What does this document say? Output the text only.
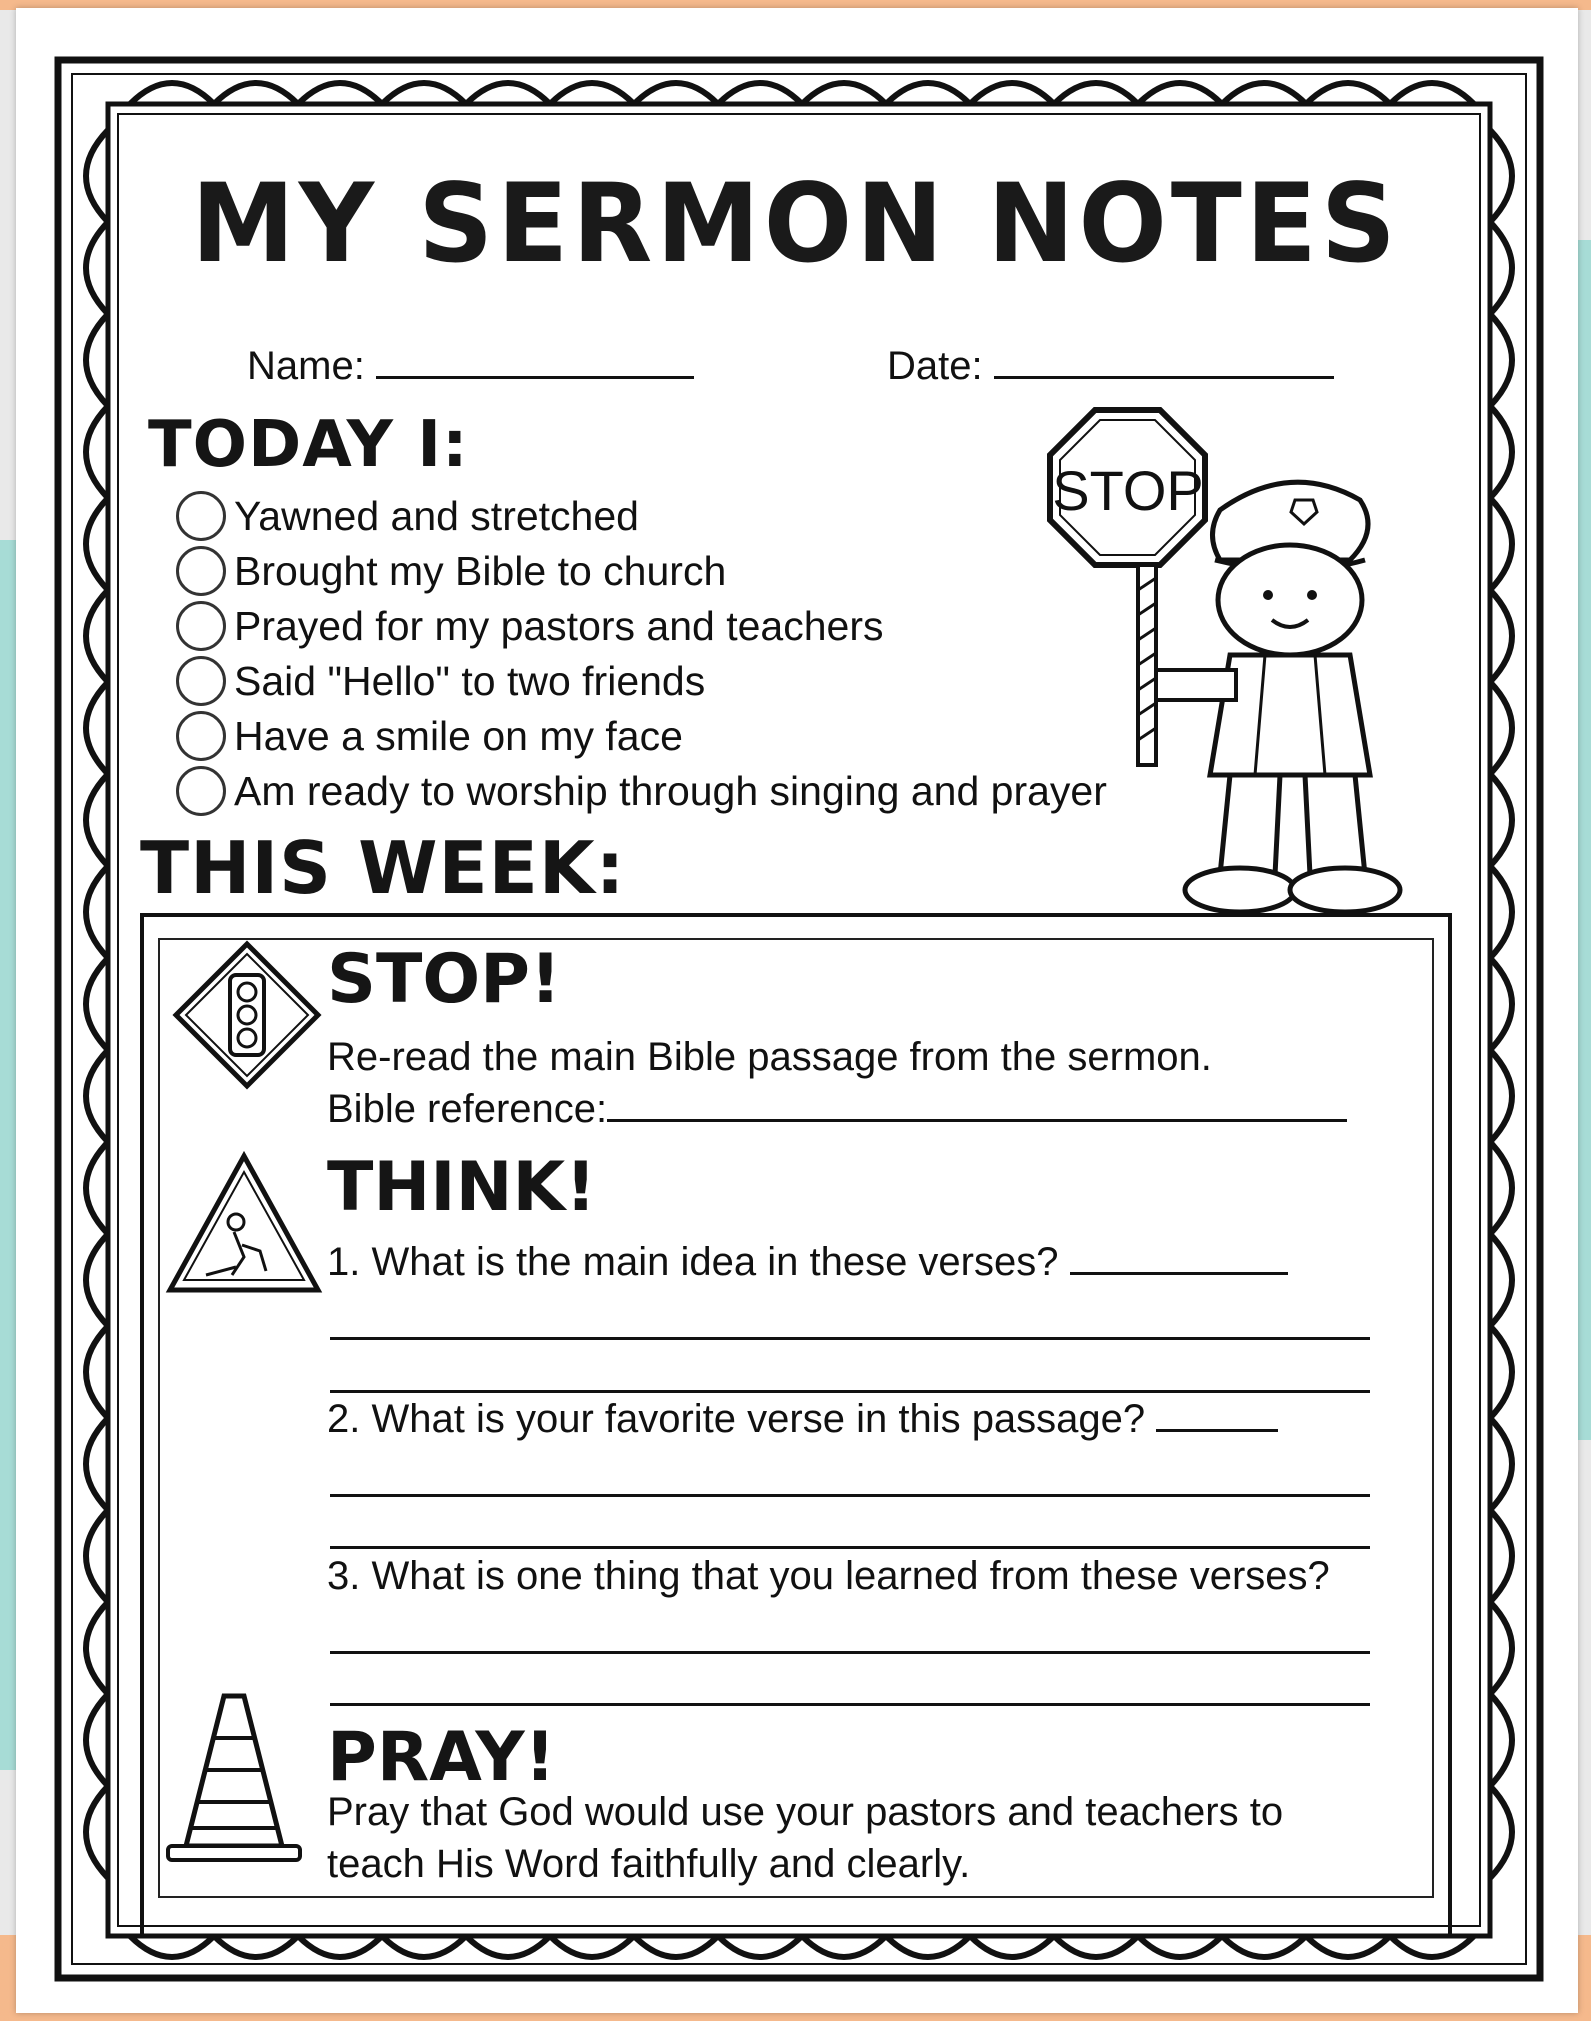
MY SERMON NOTES
Name:	Date:
TODAY I:
Yawned and stretched
Brought my Bible to church
Prayed for my pastors and teachers
Said "Hello" to two friends
Have a smile on my face
Am ready to worship through singing and prayer
STOP
THIS WEEK:
STOP!
Re-read the main Bible passage from the sermon.
Bible reference:
THINK!
1. What is the main idea in these verses?
2. What is your favorite verse in this passage?
3. What is one thing that you learned from these verses?
PRAY!
Pray that God would use your pastors and teachers to
teach His Word faithfully and clearly.
